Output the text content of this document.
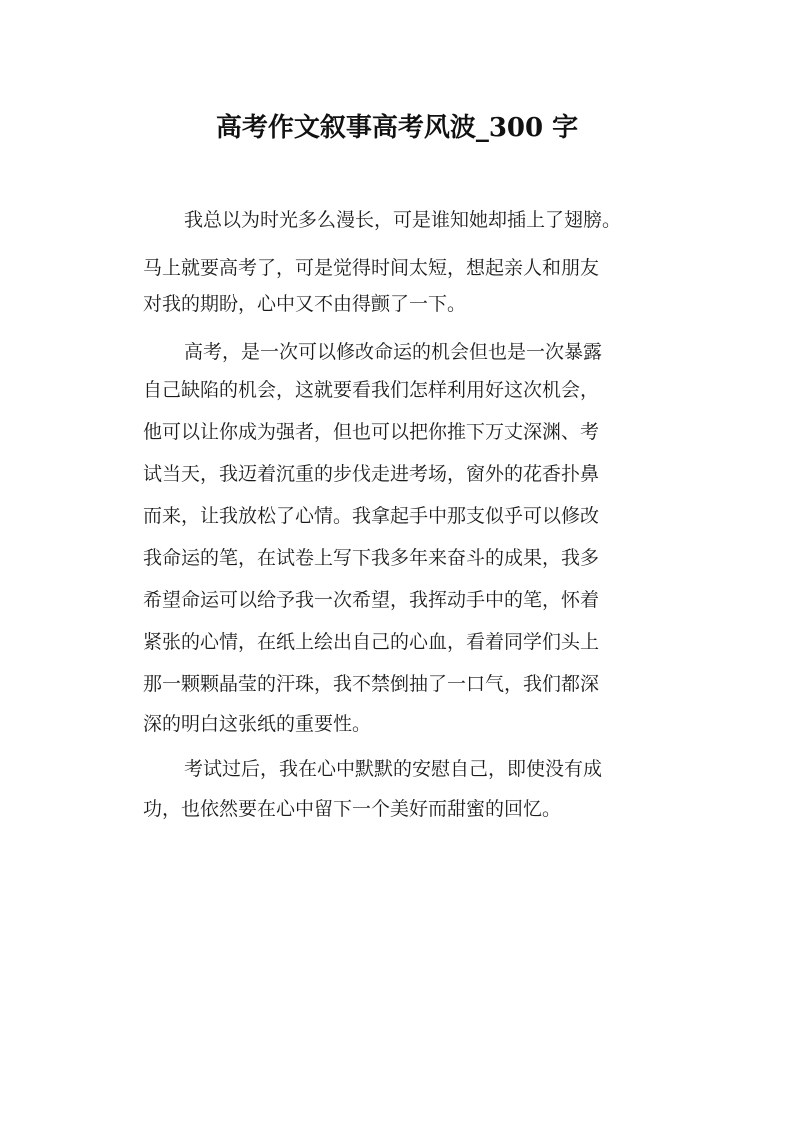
高考作文叙事高考风波_300 字

我总以为时光多么漫长，可是谁知她却插上了翅膀。

马上就要高考了，可是觉得时间太短，想起亲人和朋友

对我的期盼，心中又不由得颤了一下。

高考，是一次可以修改命运的机会但也是一次暴露

自己缺陷的机会，这就要看我们怎样利用好这次机会，

他可以让你成为强者，但也可以把你推下万丈深渊、考

试当天，我迈着沉重的步伐走进考场，窗外的花香扑鼻

而来，让我放松了心情。我拿起手中那支似乎可以修改

我命运的笔，在试卷上写下我多年来奋斗的成果，我多

希望命运可以给予我一次希望，我挥动手中的笔，怀着

紧张的心情，在纸上绘出自己的心血，看着同学们头上

那一颗颗晶莹的汗珠，我不禁倒抽了一口气，我们都深

深的明白这张纸的重要性。

考试过后，我在心中默默的安慰自己，即使没有成

功，也依然要在心中留下一个美好而甜蜜的回忆。
